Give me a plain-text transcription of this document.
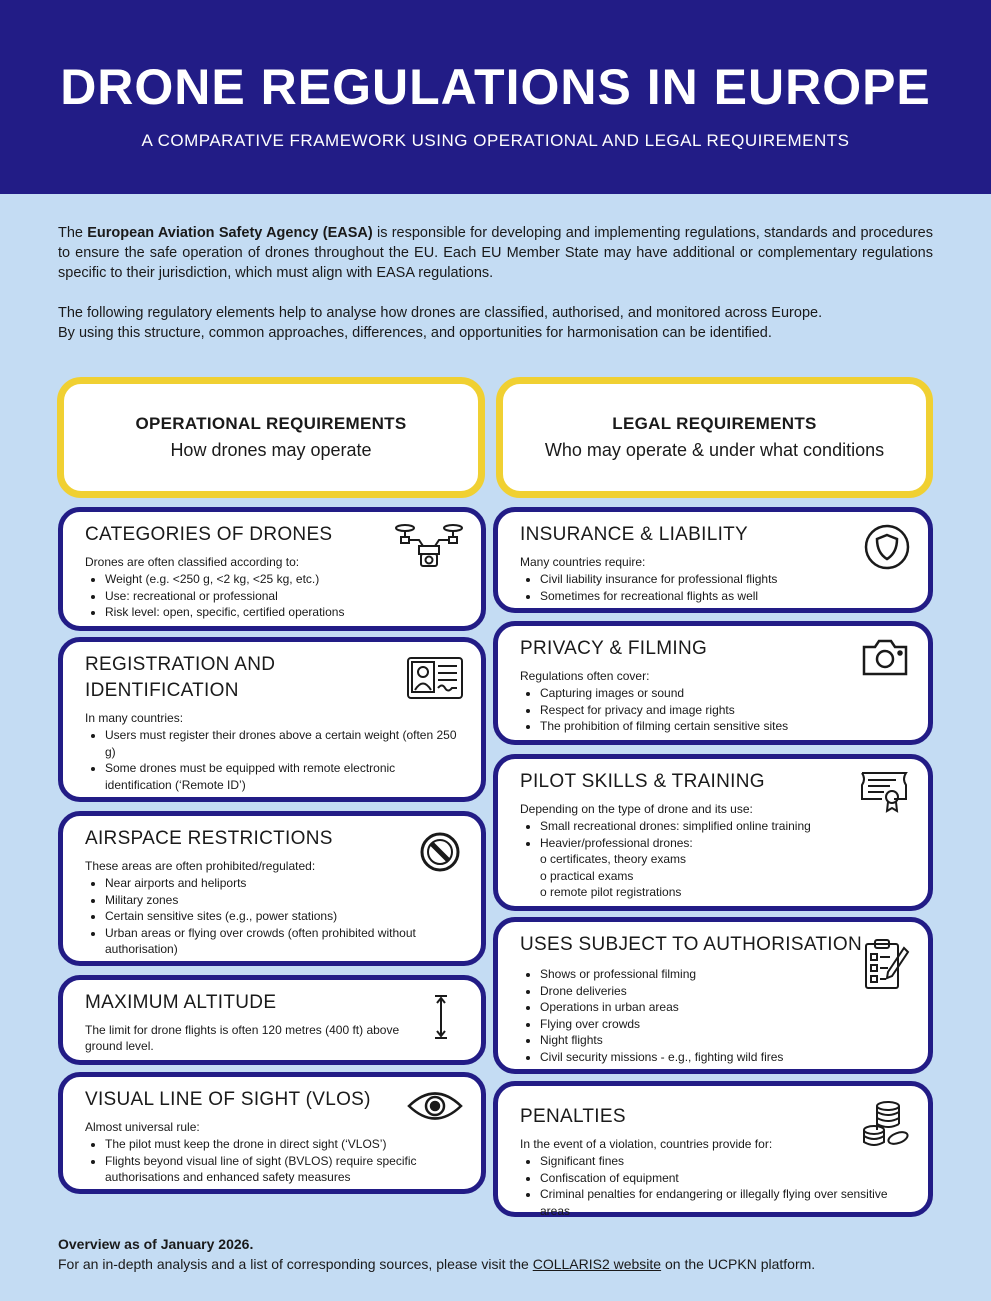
DRONE REGULATIONS IN EUROPE
A COMPARATIVE FRAMEWORK USING OPERATIONAL AND LEGAL REQUIREMENTS
The European Aviation Safety Agency (EASA) is responsible for developing and implementing regulations, standards and procedures to ensure the safe operation of drones throughout the EU. Each EU Member State may have additional or complementary regulations specific to their jurisdiction, which must align with EASA regulations.
The following regulatory elements help to analyse how drones are classified, authorised, and monitored across Europe.
By using this structure, common approaches, differences, and opportunities for harmonisation can be identified.
OPERATIONAL REQUIREMENTS
How drones may operate
LEGAL REQUIREMENTS
Who may operate & under what conditions
CATEGORIES OF DRONES
Drones are often classified according to:
• Weight (e.g. <250 g, <2 kg, <25 kg, etc.)
• Use: recreational or professional
• Risk level: open, specific, certified operations
REGISTRATION AND
IDENTIFICATION
In many countries:
• Users must register their drones above a certain weight (often 250 g)
• Some drones must be equipped with remote electronic identification (‘Remote ID’)
AIRSPACE RESTRICTIONS
These areas are often prohibited/regulated:
• Near airports and heliports
• Military zones
• Certain sensitive sites (e.g., power stations)
• Urban areas or flying over crowds (often prohibited without authorisation)
MAXIMUM ALTITUDE
The limit for drone flights is often 120 metres (400 ft) above ground level.
VISUAL LINE OF SIGHT (VLOS)
Almost universal rule:
• The pilot must keep the drone in direct sight (‘VLOS’)
• Flights beyond visual line of sight (BVLOS) require specific authorisations and enhanced safety measures
INSURANCE & LIABILITY
Many countries require:
• Civil liability insurance for professional flights
• Sometimes for recreational flights as well
PRIVACY & FILMING
Regulations often cover:
• Capturing images or sound
• Respect for privacy and image rights
• The prohibition of filming certain sensitive sites
PILOT SKILLS & TRAINING
Depending on the type of drone and its use:
• Small recreational drones: simplified online training
• Heavier/professional drones:
o certificates, theory exams
o practical exams
o remote pilot registrations
USES SUBJECT TO AUTHORISATION
• Shows or professional filming
• Drone deliveries
• Operations in urban areas
• Flying over crowds
• Night flights
• Civil security missions - e.g., fighting wild fires
PENALTIES
In the event of a violation, countries provide for:
• Significant fines
• Confiscation of equipment
• Criminal penalties for endangering or illegally flying over sensitive areas
Overview as of January 2026.
For an in-depth analysis and a list of corresponding sources, please visit the COLLARIS2 website on the UCPKN platform.
